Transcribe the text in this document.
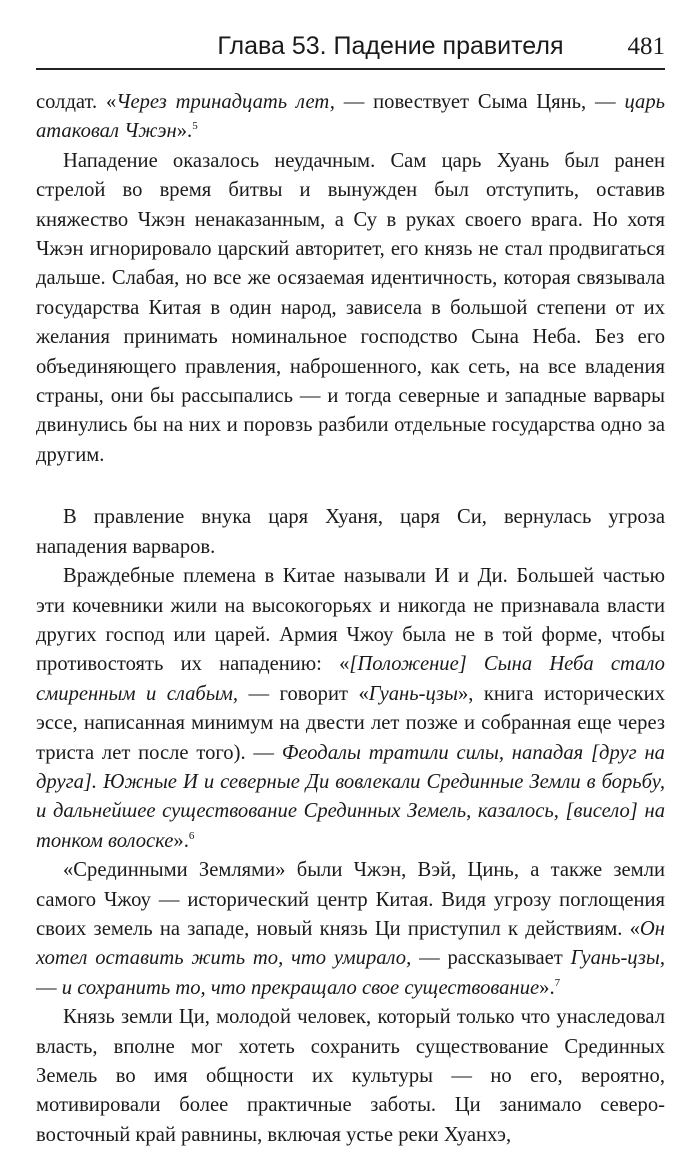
Глава 53. Падение правителя	481

солдат. «Через тринадцать лет, — повествует Сыма Цянь, — царь атаковал Чжэн».$^5$

Нападение оказалось неудачным. Сам царь Хуань был ранен стрелой во время битвы и вынужден был отступить, оставив княжество Чжэн ненаказанным, а Су в руках своего врага. Но хотя Чжэн игнорировало царский авторитет, его князь не стал продвигаться дальше. Слабая, но все же осязаемая идентичность, которая связывала государства Китая в один народ, зависела в большой степени от их желания принимать номинальное господство Сына Неба. Без его объединяющего правления, наброшенного, как сеть, на все владения страны, они бы рассыпались — и тогда северные и западные варвары двинулись бы на них и поровзь разбили отдельные государства одно за другим.

В правление внука царя Хуаня, царя Си, вернулась угроза нападения варваров.

Враждебные племена в Китае называли И и Ди. Большей частью эти кочевники жили на высокогорьях и никогда не признавала власти других господ или царей. Армия Чжоу была не в той форме, чтобы противостоять их нападению: «[Положение] Сына Неба стало смиренным и слабым, — говорит «Гуань-цзы», книга исторических эссе, написанная минимум на двести лет позже и собранная еще через триста лет после того). — Феодалы тратили силы, нападая [друг на друга]. Южные И и северные Ди вовлекали Срединные Земли в борьбу, и дальнейшее существование Срединных Земель, казалось, [висело] на тонком волоске».$^6$

«Срединными Землями» были Чжэн, Вэй, Цинь, а также земли самого Чжоу — исторический центр Китая. Видя угрозу поглощения своих земель на западе, новый князь Ци приступил к действиям. «Он хотел оставить жить то, что умирало, — рассказывает Гуань-цзы, — и сохранить то, что прекращало свое существование».$^7$

Князь земли Ци, молодой человек, который только что унаследовал власть, вполне мог хотеть сохранить существование Срединных Земель во имя общности их культуры — но его, вероятно, мотивировали более практичные заботы. Ци занимало северо-восточный край равнины, включая устье реки Хуанхэ,
